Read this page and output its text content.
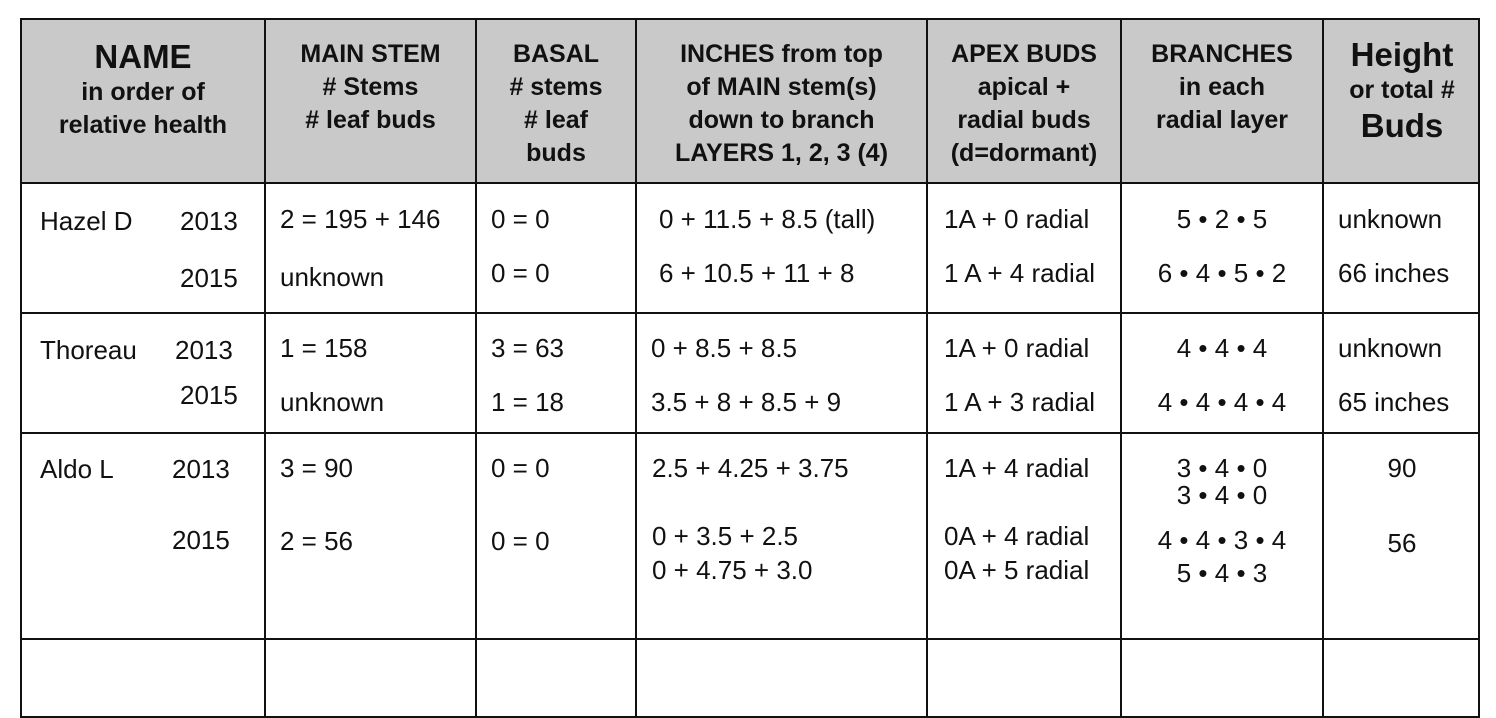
NAME
in order of
relative health
MAIN STEM
# Stems
# leaf buds
BASAL
# stems
# leaf
buds
INCHES from top
of MAIN stem(s)
down to branch
LAYERS 1, 2, 3 (4)
APEX BUDS
apical +
radial buds
(d=dormant)
BRANCHES
in each
radial layer
Height
or total #
Buds
Hazel D 2013
2015
2 = 195 + 146
unknown
0 = 0
0 = 0
0 + 11.5 + 8.5 (tall)
6 + 10.5 + 11 + 8
1A + 0 radial
1 A + 4 radial
5 • 2 • 5
6 • 4 • 5 • 2
unknown
66 inches
Thoreau 2013
2015
1 = 158
unknown
3 = 63
1 = 18
0 + 8.5 + 8.5
3.5 + 8 + 8.5 + 9
1A + 0 radial
1 A + 3 radial
4 • 4 • 4
4 • 4 • 4 • 4
unknown
65 inches
Aldo L 2013
2015
3 = 90
2 = 56
0 = 0
0 = 0
2.5 + 4.25 + 3.75
0 + 3.5 + 2.5
0 + 4.75 + 3.0
1A + 4 radial
0A + 4 radial
0A + 5 radial
3 • 4 • 0
3 • 4 • 0
4 • 4 • 3 • 4
5 • 4 • 3
90
56
